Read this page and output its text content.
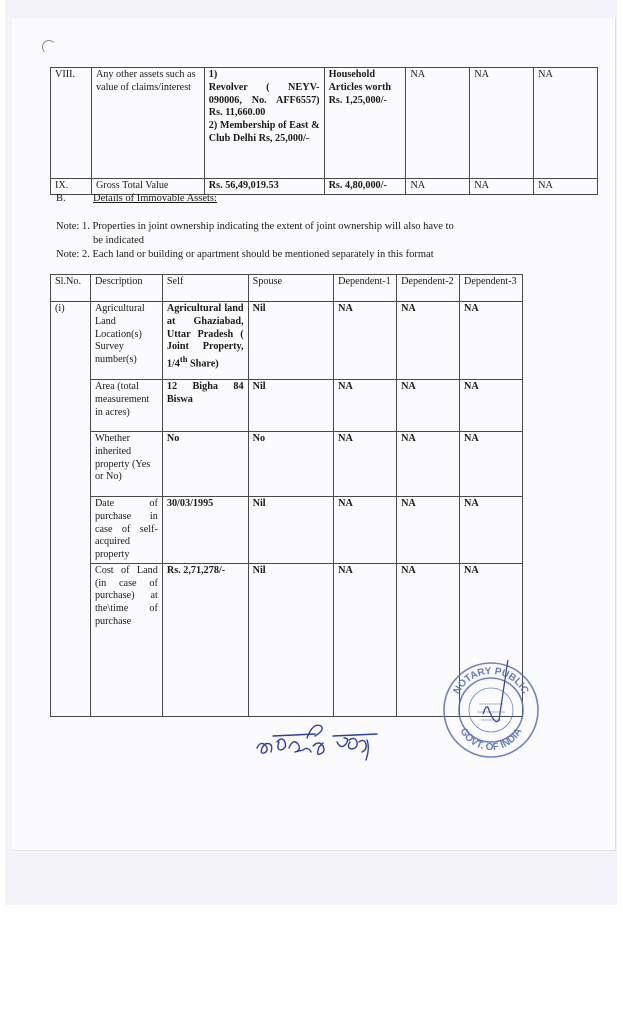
VIII.	Any other assets such as value of claims/interest	1)
Revolver ( NEYV-090006, No. AFF6557) Rs. 11,660.00
2) Membership of East & Club Delhi Rs, 25,000/-	Household Articles worth Rs. 1,25,000/-	NA	NA	NA
IX.	Gross Total Value	Rs. 56,49,019.53	Rs. 4,80,000/-	NA	NA	NA
B.	Details of Immovable Assets:
Note: 1. Properties in joint ownership indicating the extent of joint ownership will also have to
be indicated
Note: 2. Each land or building or apartment should be mentioned separately in this format
Sl.No.	Description	Self	Spouse	Dependent-1	Dependent-2	Dependent-3
(i)	Agricultural Land Location(s) Survey number(s)	Agricultural land at Ghaziabad, Uttar Pradesh ( Joint Property, 1/4th Share)	Nil	NA	NA	NA
	Area (total measurement in acres)	12 Bigha 84 Biswa	Nil	NA	NA	NA
	Whether inherited property (Yes or No)	No	No	NA	NA	NA
	Date of purchase in case of self-acquired property	30/03/1995	Nil	NA	NA	NA
	Cost of Land (in case of purchase) at the\time of purchase	Rs. 2,71,278/-	Nil	NA	NA	NA
NOTARY PUBLIC
GOVT. OF INDIA
